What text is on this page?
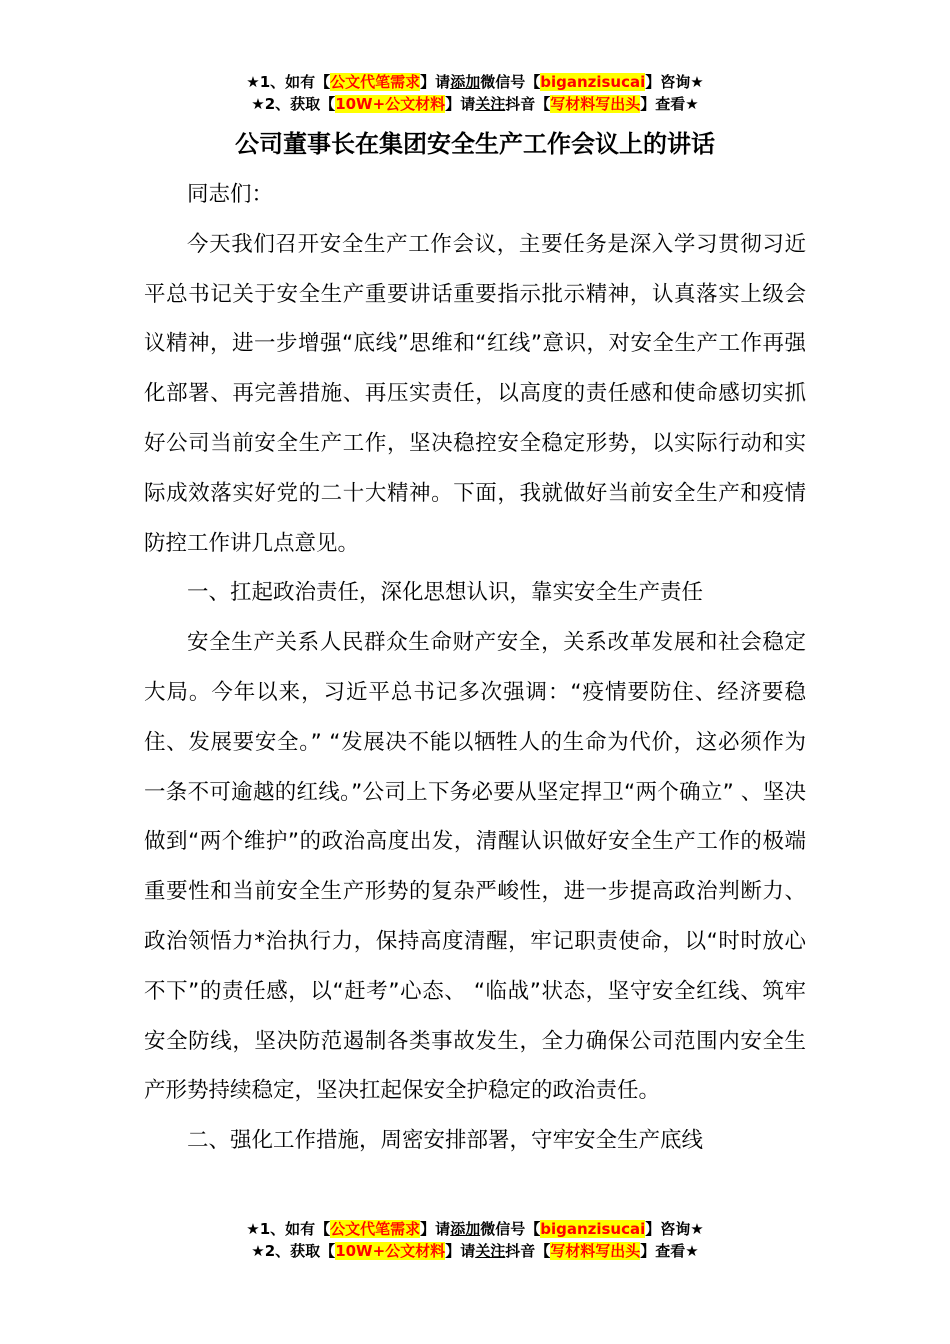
★1、如有【公文代笔需求】请添加微信号【biganzisucai】咨询★
★2、获取【10W+公文材料】请关注抖音【写材料写出头】查看★
公司董事长在集团安全生产工作会议上的讲话

同志们：

今天我们召开安全生产工作会议，主要任务是深入学习贯彻习近平总书记关于安全生产重要讲话重要指示批示精神，认真落实上级会议精神，进一步增强“底线”思维和“红线”意识，对安全生产工作再强化部署、再完善措施、再压实责任，以高度的责任感和使命感切实抓好公司当前安全生产工作，坚决稳控安全稳定形势，以实际行动和实际成效落实好党的二十大精神。下面，我就做好当前安全生产和疫情防控工作讲几点意见。

一、扛起政治责任，深化思想认识，靠实安全生产责任

安全生产关系人民群众生命财产安全，关系改革发展和社会稳定大局。今年以来，习近平总书记多次强调：“疫情要防住、经济要稳住、发展要安全。” “发展决不能以牺牲人的生命为代价，这必须作为一条不可逾越的红线。”公司上下务必要从坚定捍卫“两个确立” 、坚决做到“两个维护”的政治高度出发，清醒认识做好安全生产工作的极端重要性和当前安全生产形势的复杂严峻性，进一步提高政治判断力、政治领悟力*治执行力，保持高度清醒，牢记职责使命，以“时时放心不下”的责任感，以“赶考”心态、 “临战”状态，坚守安全红线、筑牢安全防线，坚决防范遏制各类事故发生，全力确保公司范围内安全生产形势持续稳定，坚决扛起保安全护稳定的政治责任。

二、强化工作措施，周密安排部署，守牢安全生产底线

★1、如有【公文代笔需求】请添加微信号【biganzisucai】咨询★
★2、获取【10W+公文材料】请关注抖音【写材料写出头】查看★
